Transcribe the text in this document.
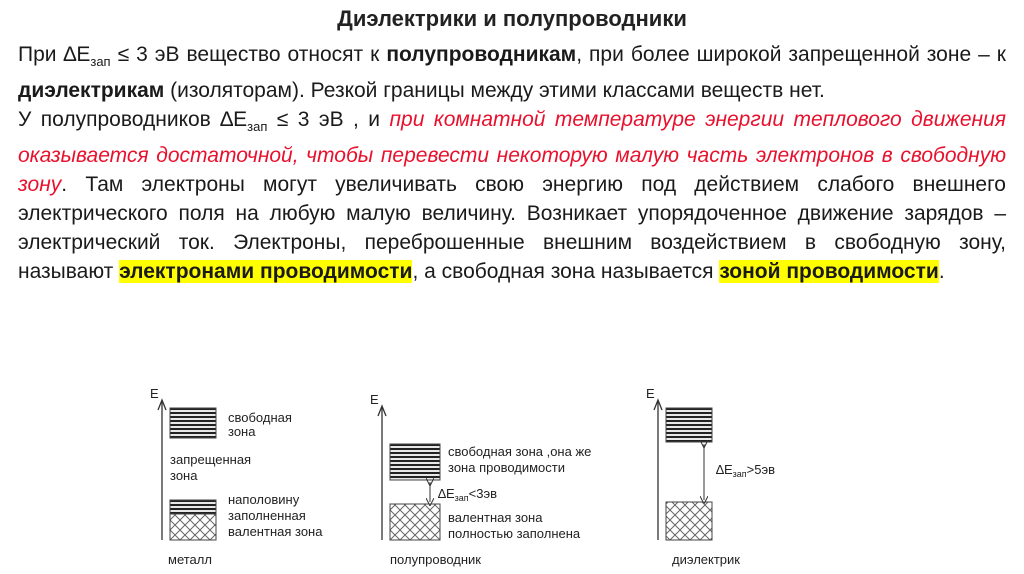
Диэлектрики и полупроводники

При $\Delta Е_{зап} \le 3$ эВ вещество относят к полупроводникам, при более широкой запрещенной зоне – к диэлектрикам (изоляторам). Резкой границы между этими классами веществ нет.

У полупроводников $\Delta Е_{зап} \le 3$ эВ , и при комнатной температуре энергии теплового движения оказывается достаточной, чтобы перевести некоторую малую часть электронов в свободную зону. Там электроны могут увеличивать свою энергию под действием слабого внешнего электрического поля на любую малую величину. Возникает упорядоченное движение зарядов – электрический ток. Электроны, переброшенные внешним воздействием в свободную зону, называют электронами проводимости, а свободная зона называется зоной проводимости.

Е
свободная
зона
запрещенная
зона
наполовину
заполненная
валентная зона
металл
Е
свободная зона ,она же
зона проводимости
$\Delta Е_{зап}<3эв$
валентная зона
полностью заполнена
полупроводник
Е
$\Delta Е_{зап}>5эв$
диэлектрик
